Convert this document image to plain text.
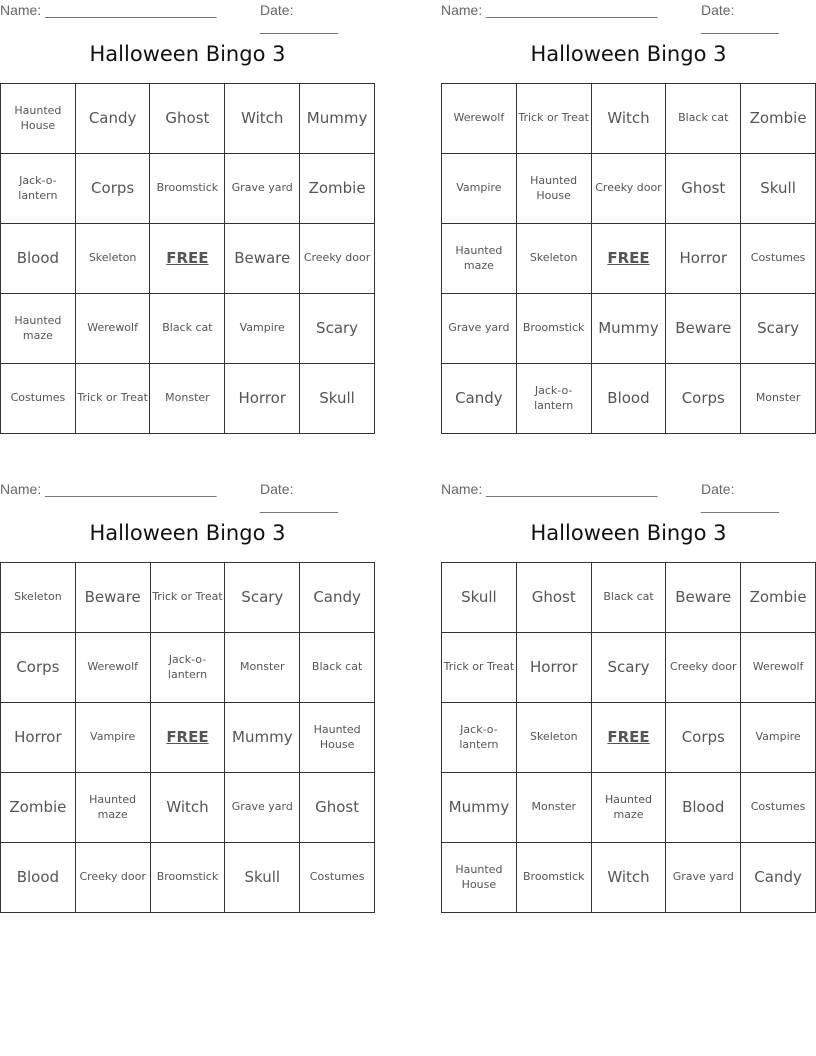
Name: ______________________	Date: __________
Halloween Bingo 3
Haunted House	Candy	Ghost	Witch	Mummy
Jack-o-lantern	Corps	Broomstick	Grave yard	Zombie
Blood	Skeleton	FREE	Beware	Creeky door
Haunted maze	Werewolf	Black cat	Vampire	Scary
Costumes	Trick or Treat	Monster	Horror	Skull
Name: ______________________	Date: __________
Halloween Bingo 3
Werewolf	Trick or Treat	Witch	Black cat	Zombie
Vampire	Haunted House	Creeky door	Ghost	Skull
Haunted maze	Skeleton	FREE	Horror	Costumes
Grave yard	Broomstick	Mummy	Beware	Scary
Candy	Jack-o-lantern	Blood	Corps	Monster
Name: ______________________	Date: __________
Halloween Bingo 3
Skeleton	Beware	Trick or Treat	Scary	Candy
Corps	Werewolf	Jack-o-lantern	Monster	Black cat
Horror	Vampire	FREE	Mummy	Haunted House
Zombie	Haunted maze	Witch	Grave yard	Ghost
Blood	Creeky door	Broomstick	Skull	Costumes
Name: ______________________	Date: __________
Halloween Bingo 3
Skull	Ghost	Black cat	Beware	Zombie
Trick or Treat	Horror	Scary	Creeky door	Werewolf
Jack-o-lantern	Skeleton	FREE	Corps	Vampire
Mummy	Monster	Haunted maze	Blood	Costumes
Haunted House	Broomstick	Witch	Grave yard	Candy
